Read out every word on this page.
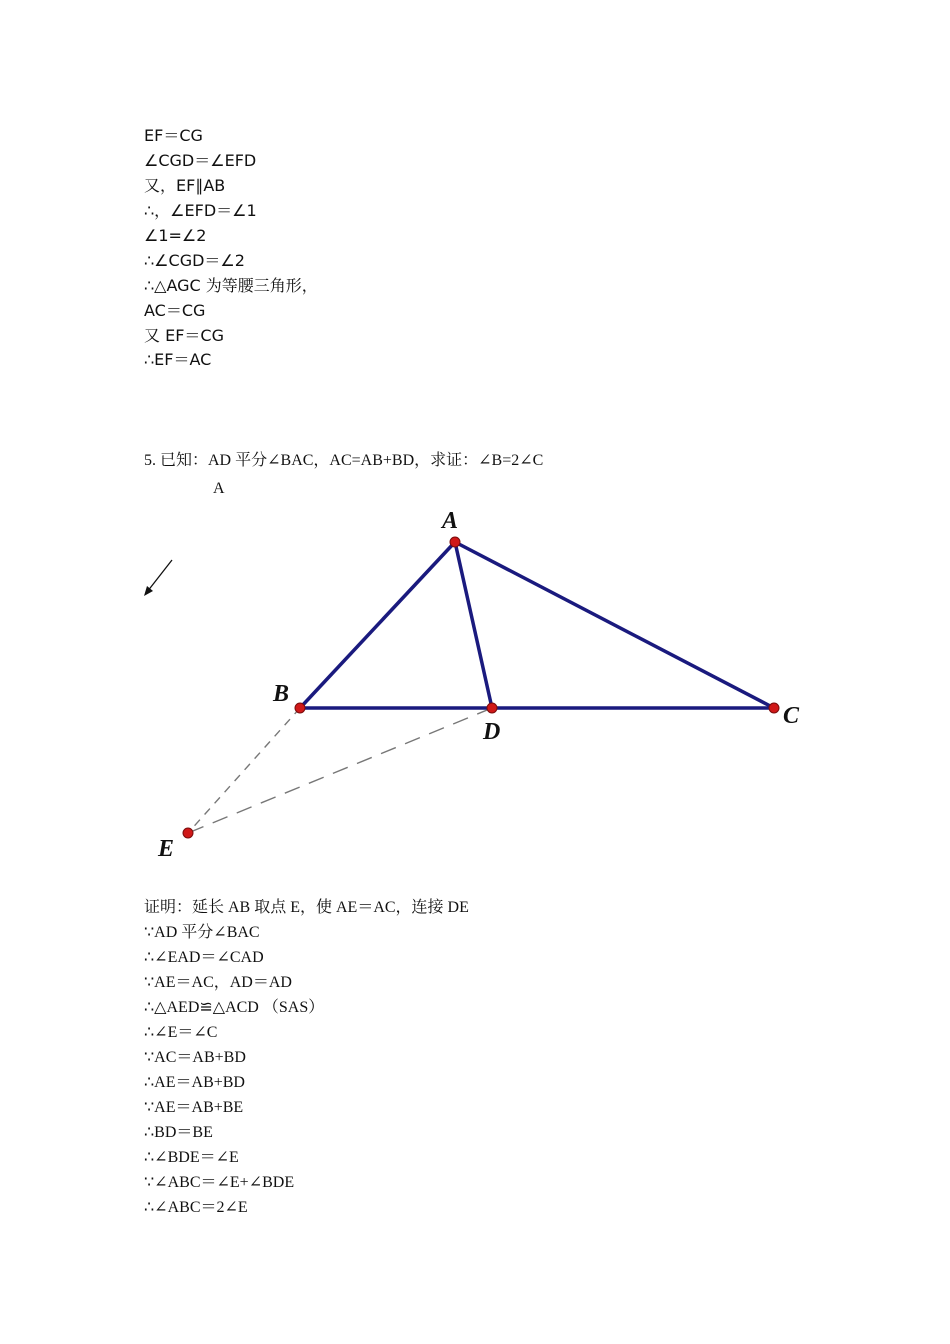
EF＝CG
∠CGD＝∠EFD
又，EF∥AB
∴，∠EFD＝∠1
∠1=∠2
∴∠CGD＝∠2
∴△AGC 为等腰三角形，
AC＝CG
又 EF＝CG
∴EF＝AC
5. 已知：AD 平分∠BAC，AC=AB+BD，求证：∠B=2∠C
A
A
B
D
C
E
证明：延长 AB 取点 E，使 AE＝AC，连接 DE
∵AD 平分∠BAC
∴∠EAD＝∠CAD
∵AE＝AC，AD＝AD
∴△AED≌△ACD （SAS）
∴∠E＝∠C
∵AC＝AB+BD
∴AE＝AB+BD
∵AE＝AB+BE
∴BD＝BE
∴∠BDE＝∠E
∵∠ABC＝∠E+∠BDE
∴∠ABC＝2∠E
